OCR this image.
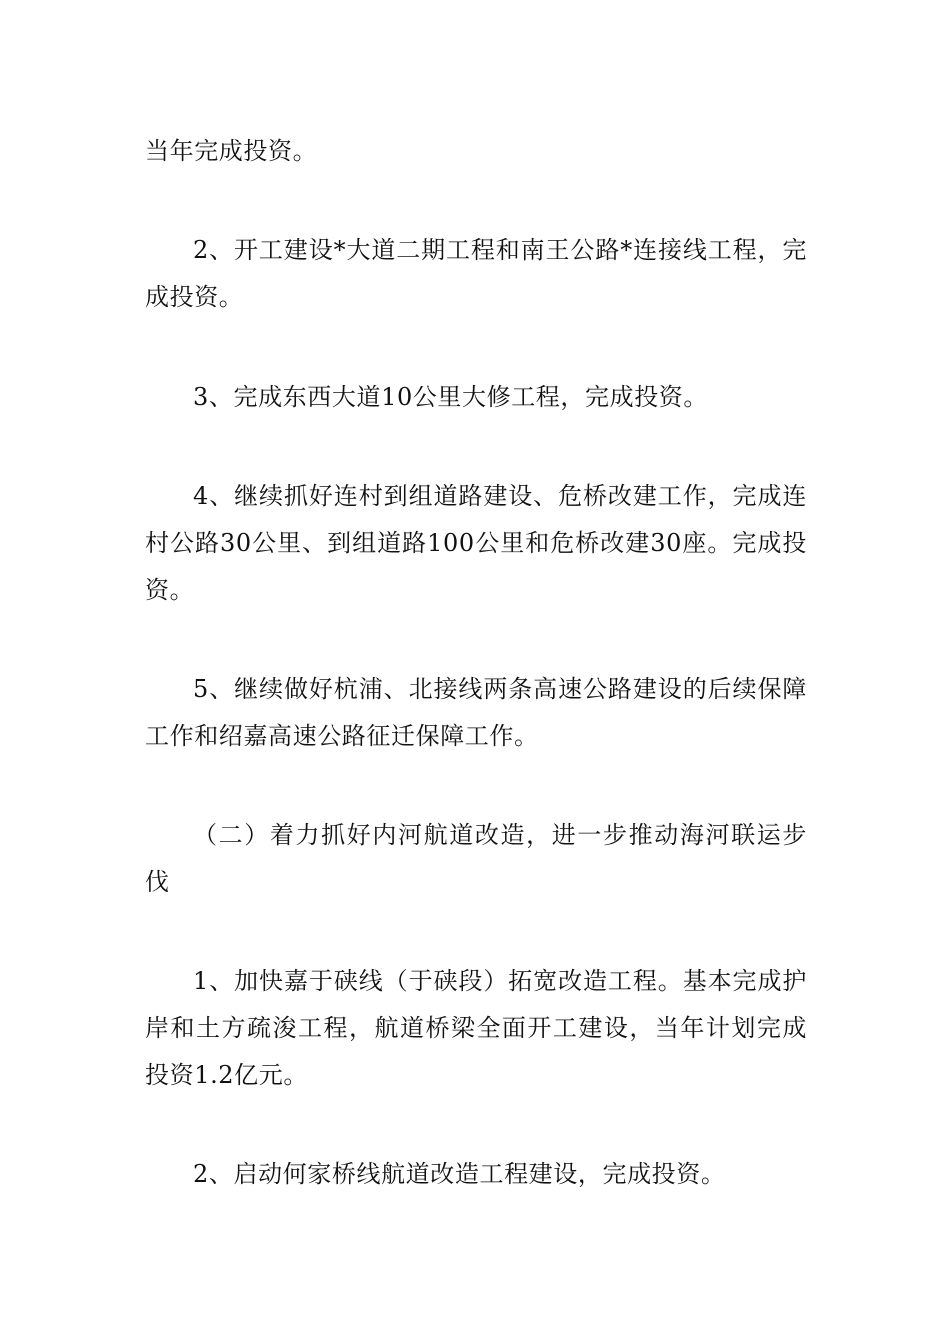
当年完成投资。

2、开工建设*大道二期工程和南王公路*连接线工程，完成投资。

3、完成东西大道10公里大修工程，完成投资。

4、继续抓好连村到组道路建设、危桥改建工作，完成连村公路30公里、到组道路100公里和危桥改建30座。完成投资。

5、继续做好杭浦、北接线两条高速公路建设的后续保障工作和绍嘉高速公路征迁保障工作。

（二）着力抓好内河航道改造，进一步推动海河联运步伐

1、加快嘉于硖线（于硖段）拓宽改造工程。基本完成护岸和土方疏浚工程，航道桥梁全面开工建设，当年计划完成投资1.2亿元。

2、启动何家桥线航道改造工程建设，完成投资。
